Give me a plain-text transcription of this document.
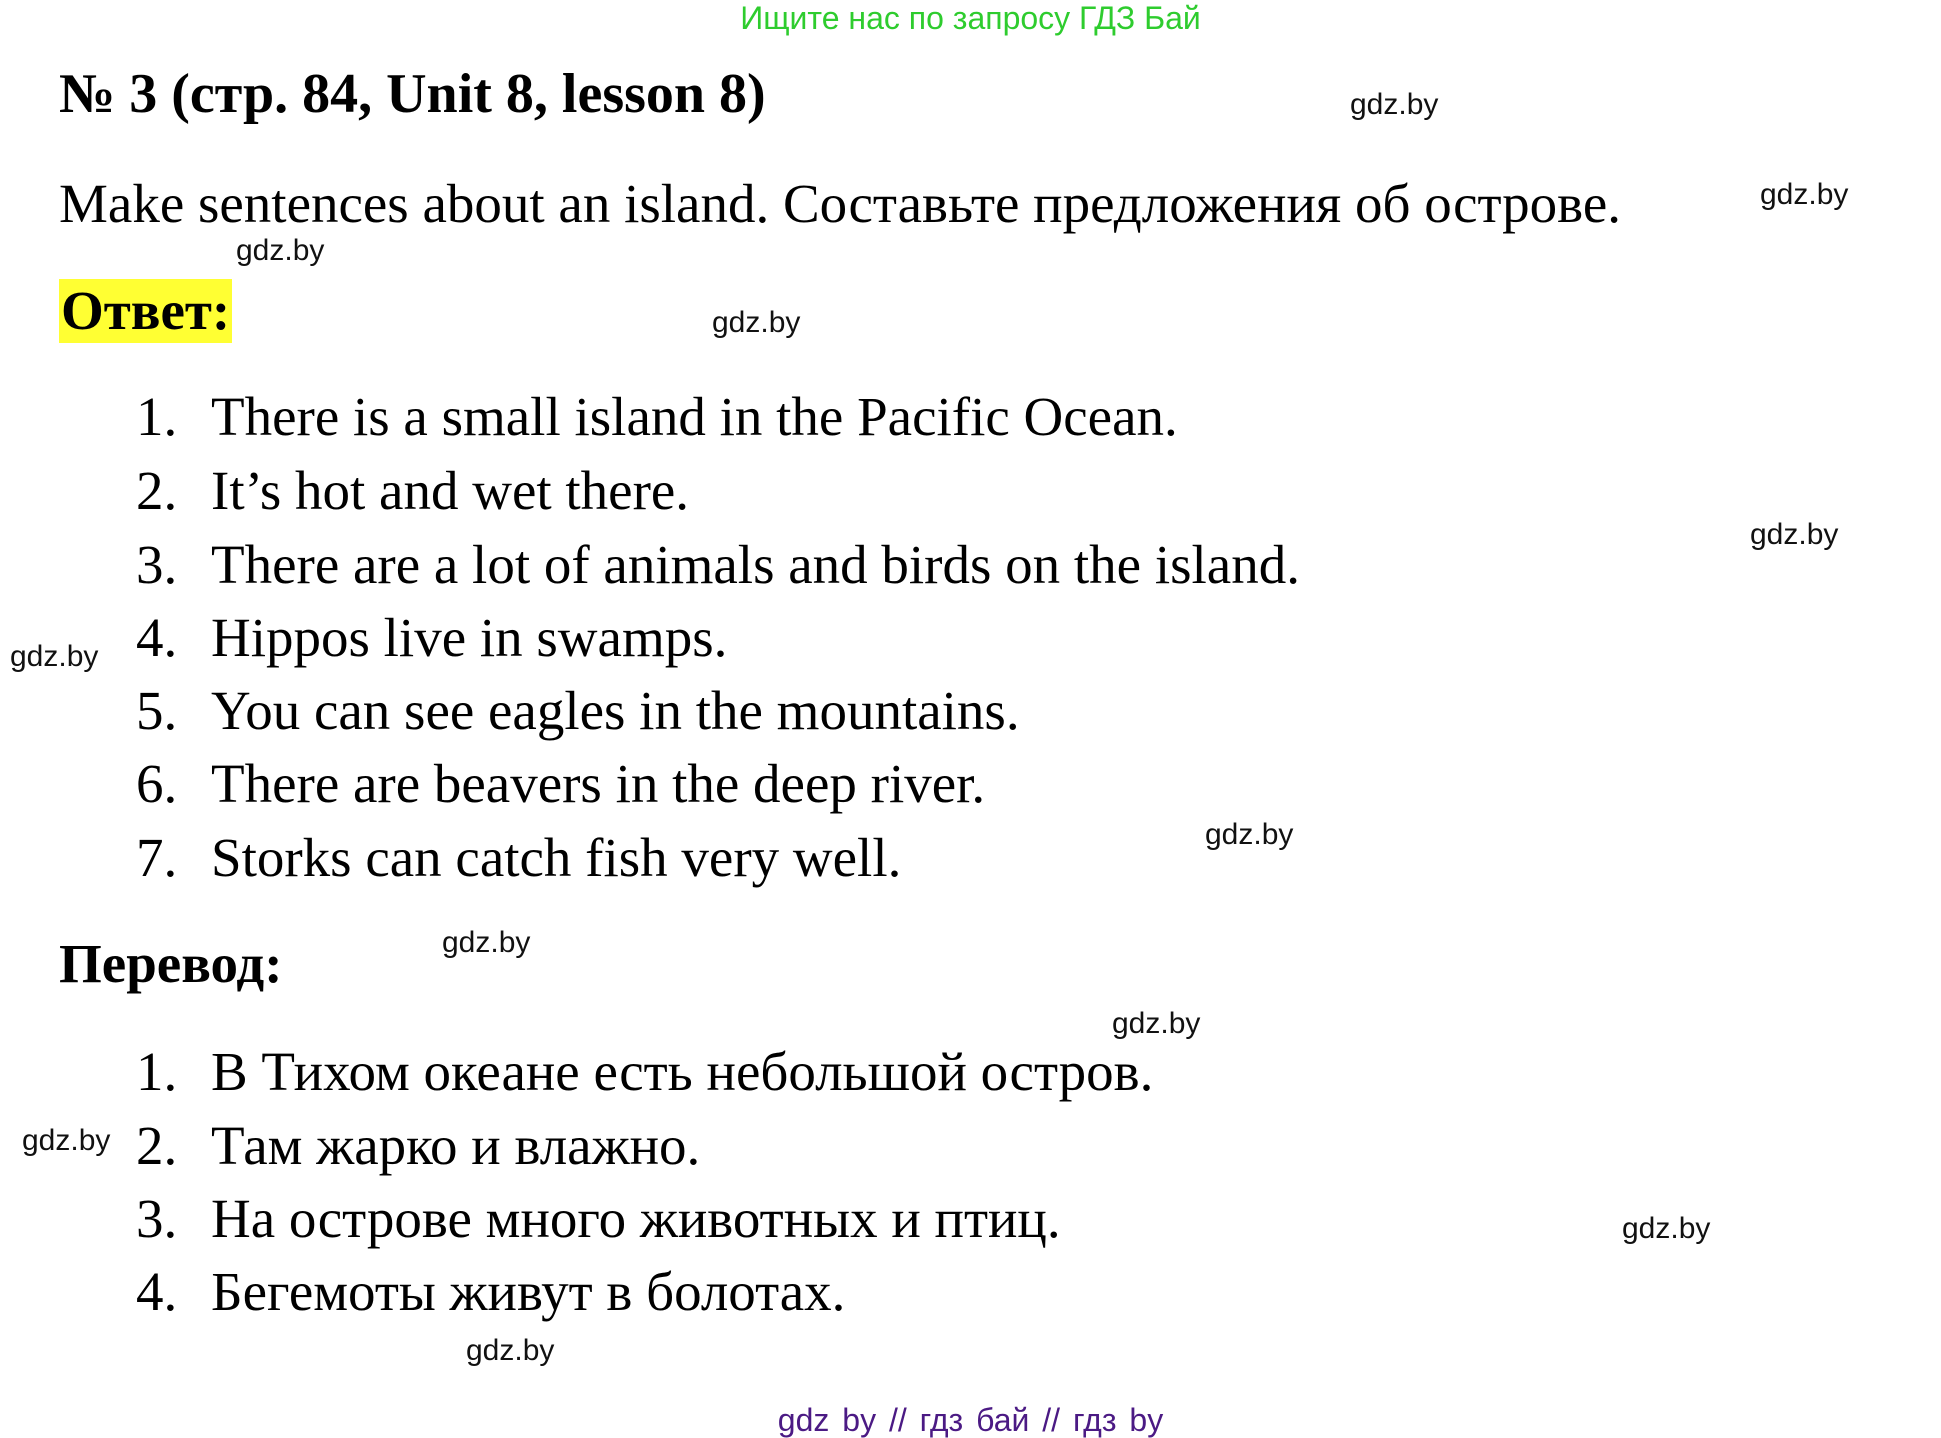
Ищите нас по запросу ГДЗ Бай
№ 3 (стр. 84, Unit 8, lesson 8)	gdz.by
Make sentences about an island. Составьте предложения об острове.	gdz.by
gdz.by
Ответ:	gdz.by
1. There is a small island in the Pacific Ocean.
2. It’s hot and wet there.
3. There are a lot of animals and birds on the island.
4. Hippos live in swamps.
5. You can see eagles in the mountains.
6. There are beavers in the deep river.
7. Storks can catch fish very well.
gdz.by
gdz.by
gdz.by
Перевод:	gdz.by
gdz.by
1. В Тихом океане есть небольшой остров.
2. Там жарко и влажно.
3. На острове много животных и птиц.
4. Бегемоты живут в болотах.
gdz.by
gdz.by
gdz.by
gdz by // гдз бай // гдз by
